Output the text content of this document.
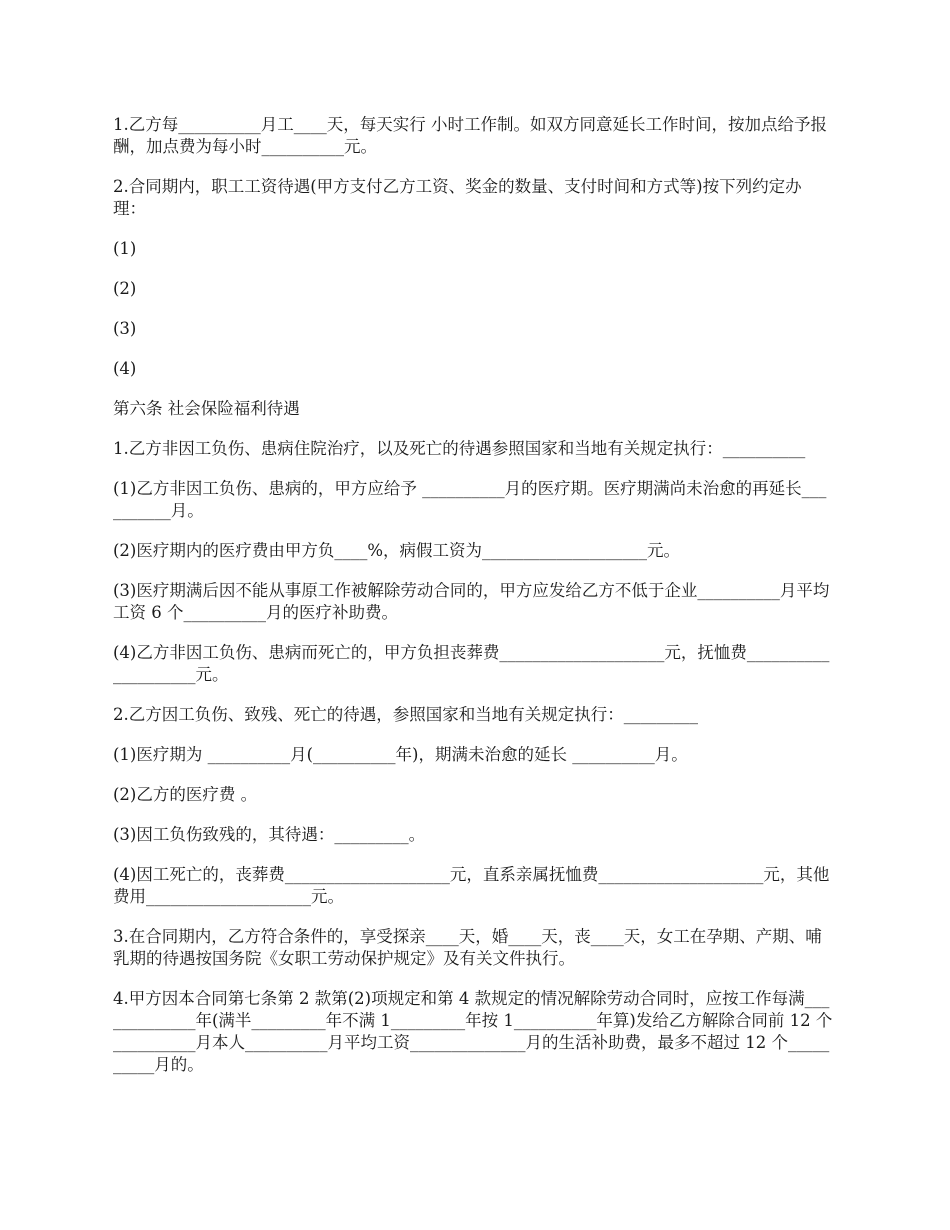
1.乙方每__________月工____天，每天实行 小时工作制。如双方同意延长工作时间，按加点给予报酬，加点费为每小时__________元。

2.合同期内，职工工资待遇(甲方支付乙方工资、奖金的数量、支付时间和方式等)按下列约定办理：

(1)

(2)

(3)

(4)

第六条 社会保险福利待遇

1.乙方非因工负伤、患病住院治疗，以及死亡的待遇参照国家和当地有关规定执行：__________

(1)乙方非因工负伤、患病的，甲方应给予 __________月的医疗期。医疗期满尚未治愈的再延长__________月。

(2)医疗期内的医疗费由甲方负____%，病假工资为____________________元。

(3)医疗期满后因不能从事原工作被解除劳动合同的，甲方应发给乙方不低于企业__________月平均工资 6 个__________月的医疗补助费。

(4)乙方非因工负伤、患病而死亡的，甲方负担丧葬费____________________元，抚恤费____________________元。

2.乙方因工负伤、致残、死亡的待遇，参照国家和当地有关规定执行：_________

(1)医疗期为 __________月(__________年)，期满未治愈的延长 __________月。

(2)乙方的医疗费 。

(3)因工负伤致残的，其待遇：_________。

(4)因工死亡的，丧葬费____________________元，直系亲属抚恤费____________________元，其他费用____________________元。

3.在合同期内，乙方符合条件的，享受探亲____天，婚____天，丧____天，女工在孕期、产期、哺乳期的待遇按国务院《女职工劳动保护规定》及有关文件执行。

4.甲方因本合同第七条第 2 款第(2)项规定和第 4 款规定的情况解除劳动合同时，应按工作每满_____________年(满半_________年不满 1_________年按 1__________年算)发给乙方解除合同前 12 个__________月本人__________月平均工资______________月的生活补助费，最多不超过 12 个__________月的。
